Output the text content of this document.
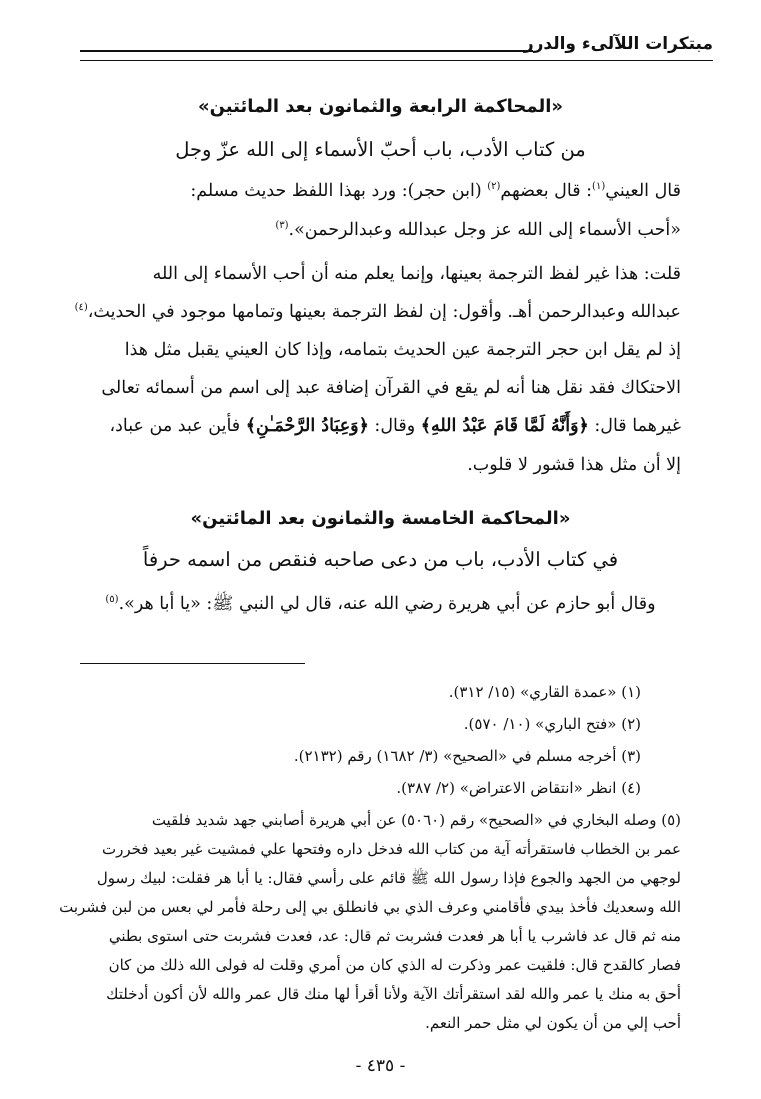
مبتكرات اللآلىء والدرر
«المحاكمة الرابعة والثمانون بعد المائتين»
من كتاب الأدب، باب أحبّ الأسماء إلى الله عزّ وجل
قال العيني$^{(١)}$: قال بعضهم$^{(٢)}$ (ابن حجر): ورد بهذا اللفظ حديث مسلم:
«أحب الأسماء إلى الله عز وجل عبدالله وعبدالرحمن».$^{(٣)}$
قلت: هذا غير لفظ الترجمة بعينها، وإنما يعلم منه أن أحب الأسماء إلى الله
عبدالله وعبدالرحمن أهـ. وأقول: إن لفظ الترجمة بعينها وتمامها موجود في الحديث،$^{(٤)}$
إذ لم يقل ابن حجر الترجمة عين الحديث بتمامه، وإذا كان العيني يقبل مثل هذا
الاحتكاك فقد نقل هنا أنه لم يقع في القرآن إضافة عبد إلى اسم من أسمائه تعالى
غيرهما قال: ﴿وَأَنَّهُ لَمَّا قَامَ عَبْدُ اللهِ﴾ وقال: ﴿وَعِبَادُ الرَّحْمَـٰنِ﴾ فأين عبد من عباد،
إلا أن مثل هذا قشور لا قلوب.
«المحاكمة الخامسة والثمانون بعد المائتين»
في كتاب الأدب، باب من دعى صاحبه فنقص من اسمه حرفاً
وقال أبو حازم عن أبي هريرة رضي الله عنه، قال لي النبي ﷺ: «يا أبا هر».$^{(٥)}$
(١) «عمدة القاري» (١٥/ ٣١٢).
(٢) «فتح الباري» (١٠/ ٥٧٠).
(٣) أخرجه مسلم في «الصحيح» (٣/ ١٦٨٢) رقم (٢١٣٢).
(٤) انظر «انتقاض الاعتراض» (٢/ ٣٨٧).
(٥) وصله البخاري في «الصحيح» رقم (٥٠٦٠) عن أبي هريرة أصابني جهد شديد فلقيت
عمر بن الخطاب فاستقرأته آية من كتاب الله فدخل داره وفتحها علي فمشيت غير بعيد فخررت
لوجهي من الجهد والجوع فإذا رسول الله ﷺ قائم على رأسي فقال: يا أبا هر فقلت: لبيك رسول
الله وسعديك فأخذ بيدي فأقامني وعرف الذي بي فانطلق بي إلى رحلة فأمر لي بعس من لبن فشربت
منه ثم قال عد فاشرب يا أبا هر فعدت فشربت ثم قال: عد، فعدت فشربت حتى استوى بطني
فصار كالقدح قال: فلقيت عمر وذكرت له الذي كان من أمري وقلت له فولى الله ذلك من كان
أحق به منك يا عمر والله لقد استقرأتك الآية ولأنا أقرأ لها منك قال عمر والله لأن أكون أدخلتك
أحب إلي من أن يكون لي مثل حمر النعم.
- ٤٣٥ -
